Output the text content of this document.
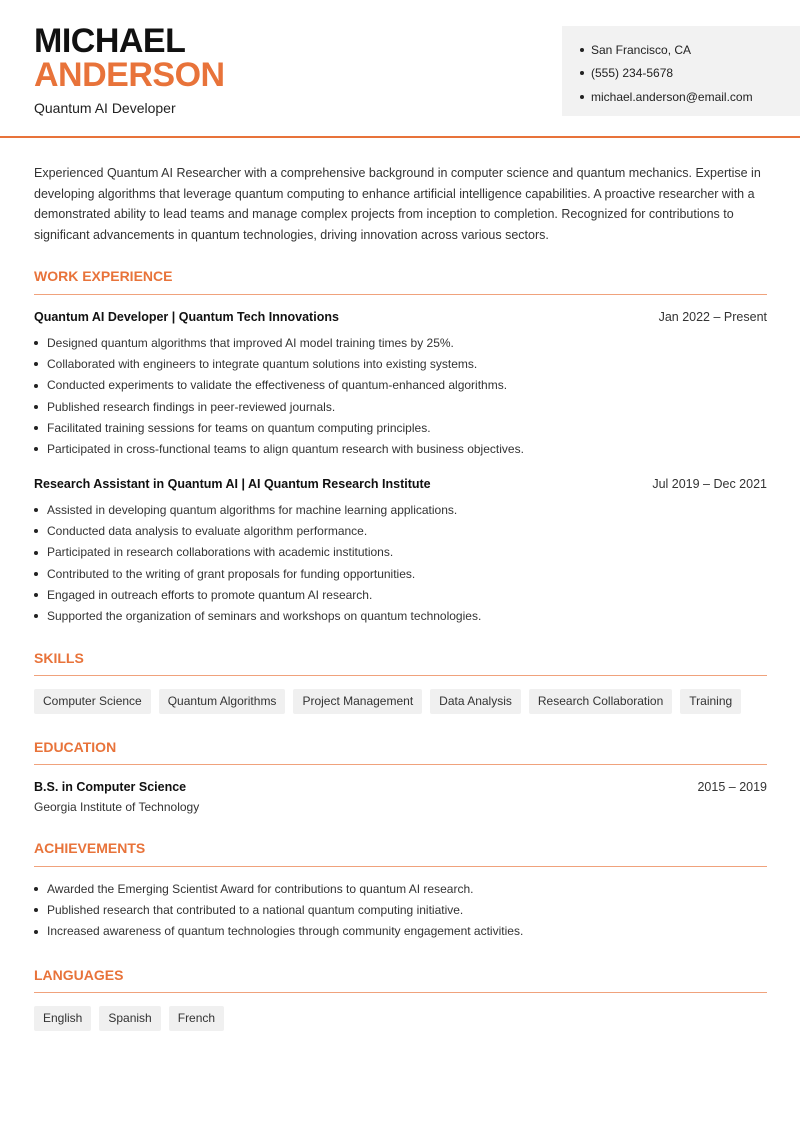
MICHAEL
ANDERSON
Quantum AI Developer
San Francisco, CA
(555) 234-5678
michael.anderson@email.com

Experienced Quantum AI Researcher with a comprehensive background in computer science and quantum mechanics. Expertise in developing algorithms that leverage quantum computing to enhance artificial intelligence capabilities. A proactive researcher with a demonstrated ability to lead teams and manage complex projects from inception to completion. Recognized for contributions to significant advancements in quantum technologies, driving innovation across various sectors.

WORK EXPERIENCE
Quantum AI Developer | Quantum Tech Innovations	Jan 2022 – Present
Designed quantum algorithms that improved AI model training times by 25%.
Collaborated with engineers to integrate quantum solutions into existing systems.
Conducted experiments to validate the effectiveness of quantum-enhanced algorithms.
Published research findings in peer-reviewed journals.
Facilitated training sessions for teams on quantum computing principles.
Participated in cross-functional teams to align quantum research with business objectives.
Research Assistant in Quantum AI | AI Quantum Research Institute	Jul 2019 – Dec 2021
Assisted in developing quantum algorithms for machine learning applications.
Conducted data analysis to evaluate algorithm performance.
Participated in research collaborations with academic institutions.
Contributed to the writing of grant proposals for funding opportunities.
Engaged in outreach efforts to promote quantum AI research.
Supported the organization of seminars and workshops on quantum technologies.
SKILLS
Computer Science	Quantum Algorithms	Project Management	Data Analysis	Research Collaboration	Training
EDUCATION
B.S. in Computer Science	2015 – 2019
Georgia Institute of Technology
ACHIEVEMENTS
Awarded the Emerging Scientist Award for contributions to quantum AI research.
Published research that contributed to a national quantum computing initiative.
Increased awareness of quantum technologies through community engagement activities.
LANGUAGES
English	Spanish	French
